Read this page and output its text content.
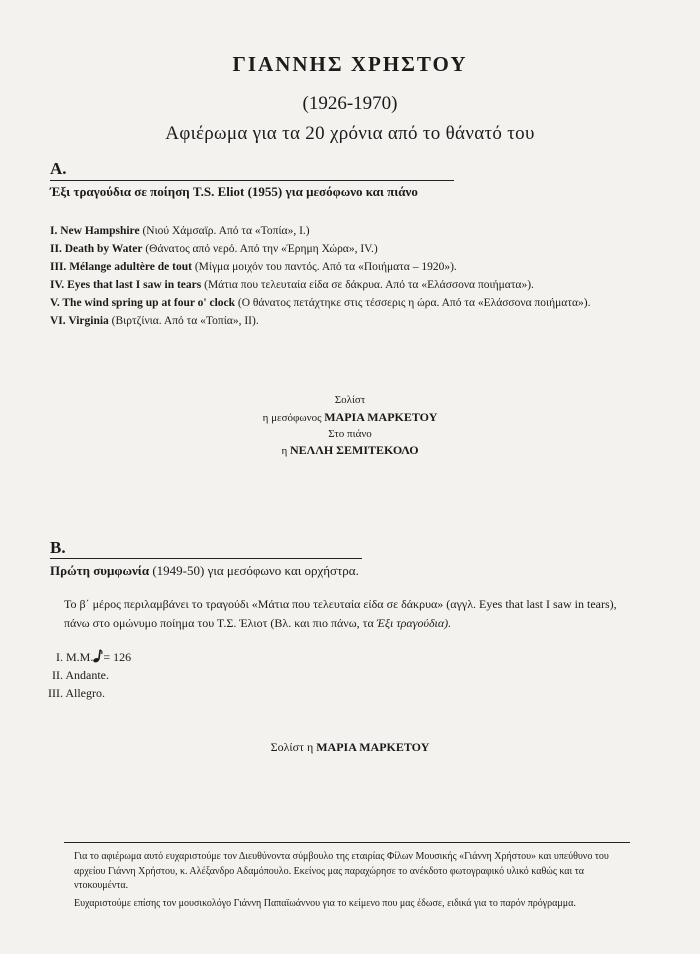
ΓΙΑΝΝΗΣ ΧΡΗΣΤΟΥ
(1926-1970)
Αφιέρωμα για τα 20 χρόνια από το θάνατό του
Α.
Έξι τραγούδια σε ποίηση T.S. Eliot (1955) για μεσόφωνο και πιάνο
I. New Hampshire (Νιού Χάμσαϊρ. Από τα «Τοπία», Ι.)
II. Death by Water (Θάνατος από νερό. Από την «Έρημη Χώρα», IV.)
III. Mélange adultère de tout (Μίγμα μοιχόν του παντός. Από τα «Ποιήματα – 1920»).
IV. Eyes that last I saw in tears (Μάτια που τελευταία είδα σε δάκρυα. Από τα «Ελάσσονα ποιήματα»).
V. The wind spring up at four o' clock (Ο θάνατος πετάχτηκε στις τέσσερις η ώρα. Από τα «Ελάσσονα ποιήματα»).
VI. Virginia (Βιρτζίνια. Από τα «Τοπία», ΙΙ).
Σολίστ
η μεσόφωνος ΜΑΡΙΑ ΜΑΡΚΕΤΟΥ
Στο πιάνο
η ΝΕΛΛΗ ΣΕΜΙΤΕΚΟΛΟ
Β.
Πρώτη συμφωνία (1949-50) για μεσόφωνο και ορχήστρα.
Το β΄ μέρος περιλαμβάνει το τραγούδι «Μάτια που τελευταία είδα σε δάκρυα» (αγγλ. Eyes that last I saw in tears),
πάνω στο ομώνυμο ποίημα του Τ.Σ. Έλιοτ (Βλ. και πιο πάνω, τα Έξι τραγούδια).
I. M.M. = 126
II. Andante.
III. Allegro.
Σολίστ η ΜΑΡΙΑ ΜΑΡΚΕΤΟΥ
Για το αφιέρωμα αυτό ευχαριστούμε τον Διευθύνοντα σύμβουλο της εταιρίας Φίλων Μουσικής «Γιάννη Χρήστου» και υπεύθυνο του
αρχείου Γιάννη Χρήστου, κ. Αλέξανδρο Αδαμόπουλο. Εκείνος μας παραχώρησε το ανέκδοτο φωτογραφικό υλικό καθώς και τα
ντοκουμέντα.
Ευχαριστούμε επίσης τον μουσικολόγο Γιάννη Παπαϊωάννου για το κείμενο που μας έδωσε, ειδικά για το παρόν πρόγραμμα.
